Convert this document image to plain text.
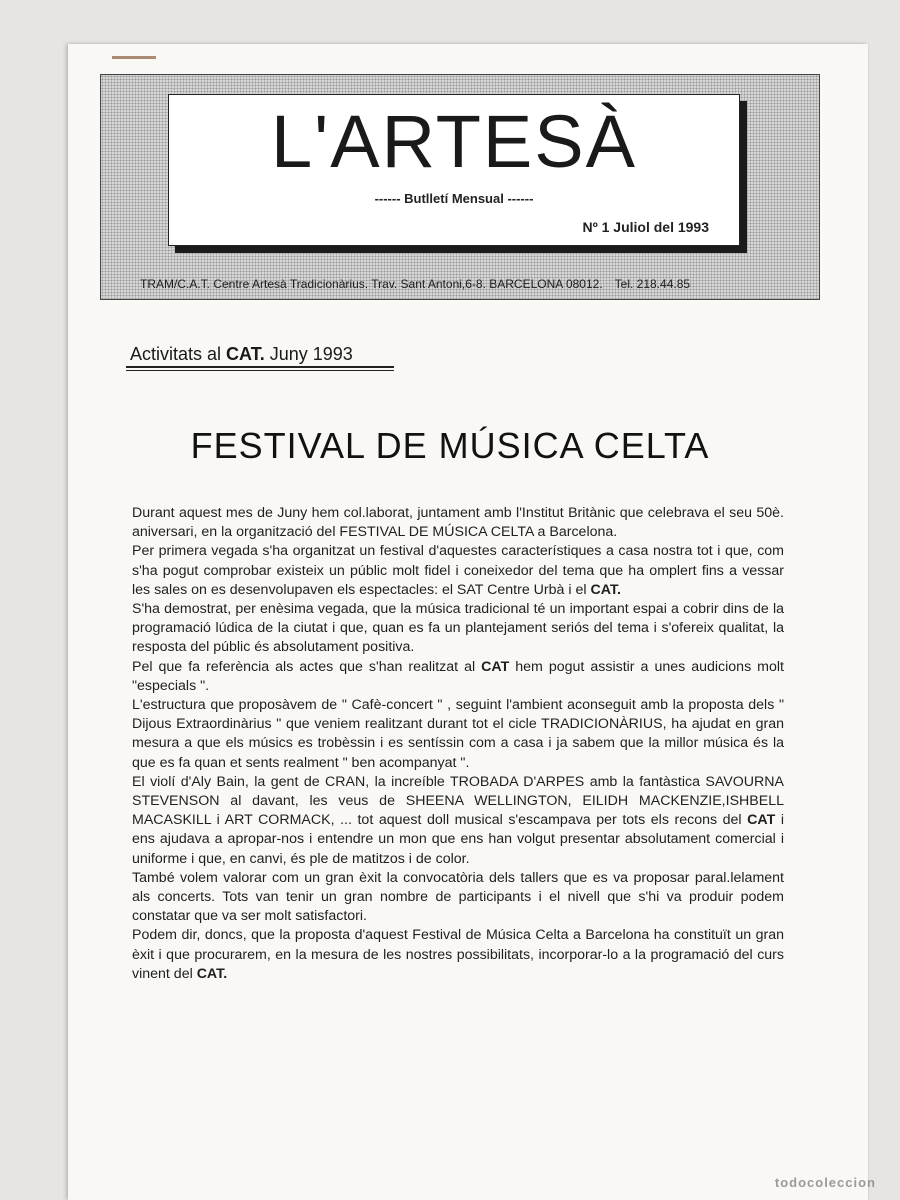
L'ARTESÀ
------ Butlletí Mensual ------
Nº 1 Juliol del 1993
TRAM/C.A.T. Centre Artesà Tradicionàrius. Trav. Sant Antoni,6-8. BARCELONA 08012. Tel. 218.44.85
Activitats al CAT. Juny 1993
FESTIVAL DE MÚSICA CELTA

Durant aquest mes de Juny hem col.laborat, juntament amb l'Institut Britànic que celebrava el seu 50è. aniversari, en la organització del FESTIVAL DE MÚSICA CELTA a Barcelona.

Per primera vegada s'ha organitzat un festival d'aquestes característiques a casa nostra tot i que, com s'ha pogut comprobar existeix un públic molt fidel i coneixedor del tema que ha omplert fins a vessar les sales on es desenvolupaven els espectacles: el SAT Centre Urbà i el CAT.

S'ha demostrat, per enèsima vegada, que la música tradicional té un important espai a cobrir dins de la programació lúdica de la ciutat i que, quan es fa un plantejament seriós del tema i s'ofereix qualitat, la resposta del públic és absolutament positiva.

Pel que fa referència als actes que s'han realitzat al CAT hem pogut assistir a unes audicions molt "especials ".

L'estructura que proposàvem de " Cafè-concert " , seguint l'ambient aconseguit amb la proposta dels " Dijous Extraordinàrius " que veniem realitzant durant tot el cicle TRADICIONÀRIUS, ha ajudat en gran mesura a que els músics es trobèssin i es sentíssin com a casa i ja sabem que la millor música és la que es fa quan et sents realment " ben acompanyat ".

El violí d'Aly Bain, la gent de CRAN, la increíble TROBADA D'ARPES amb la fantàstica SAVOURNA STEVENSON al davant, les veus de SHEENA WELLINGTON, EILIDH MACKENZIE,ISHBELL MACASKILL i ART CORMACK, ... tot aquest doll musical s'escampava per tots els recons del CAT i ens ajudava a apropar-nos i entendre un mon que ens han volgut presentar absolutament comercial i uniforme i que, en canvi, és ple de matitzos i de color.

També volem valorar com un gran èxit la convocatòria dels tallers que es va proposar paral.lelament als concerts. Tots van tenir un gran nombre de participants i el nivell que s'hi va produir podem constatar que va ser molt satisfactori.

Podem dir, doncs, que la proposta d'aquest Festival de Música Celta a Barcelona ha constituït un gran èxit i que procurarem, en la mesura de les nostres possibilitats, incorporar-lo a la programació del curs vinent del CAT.

todocoleccion
